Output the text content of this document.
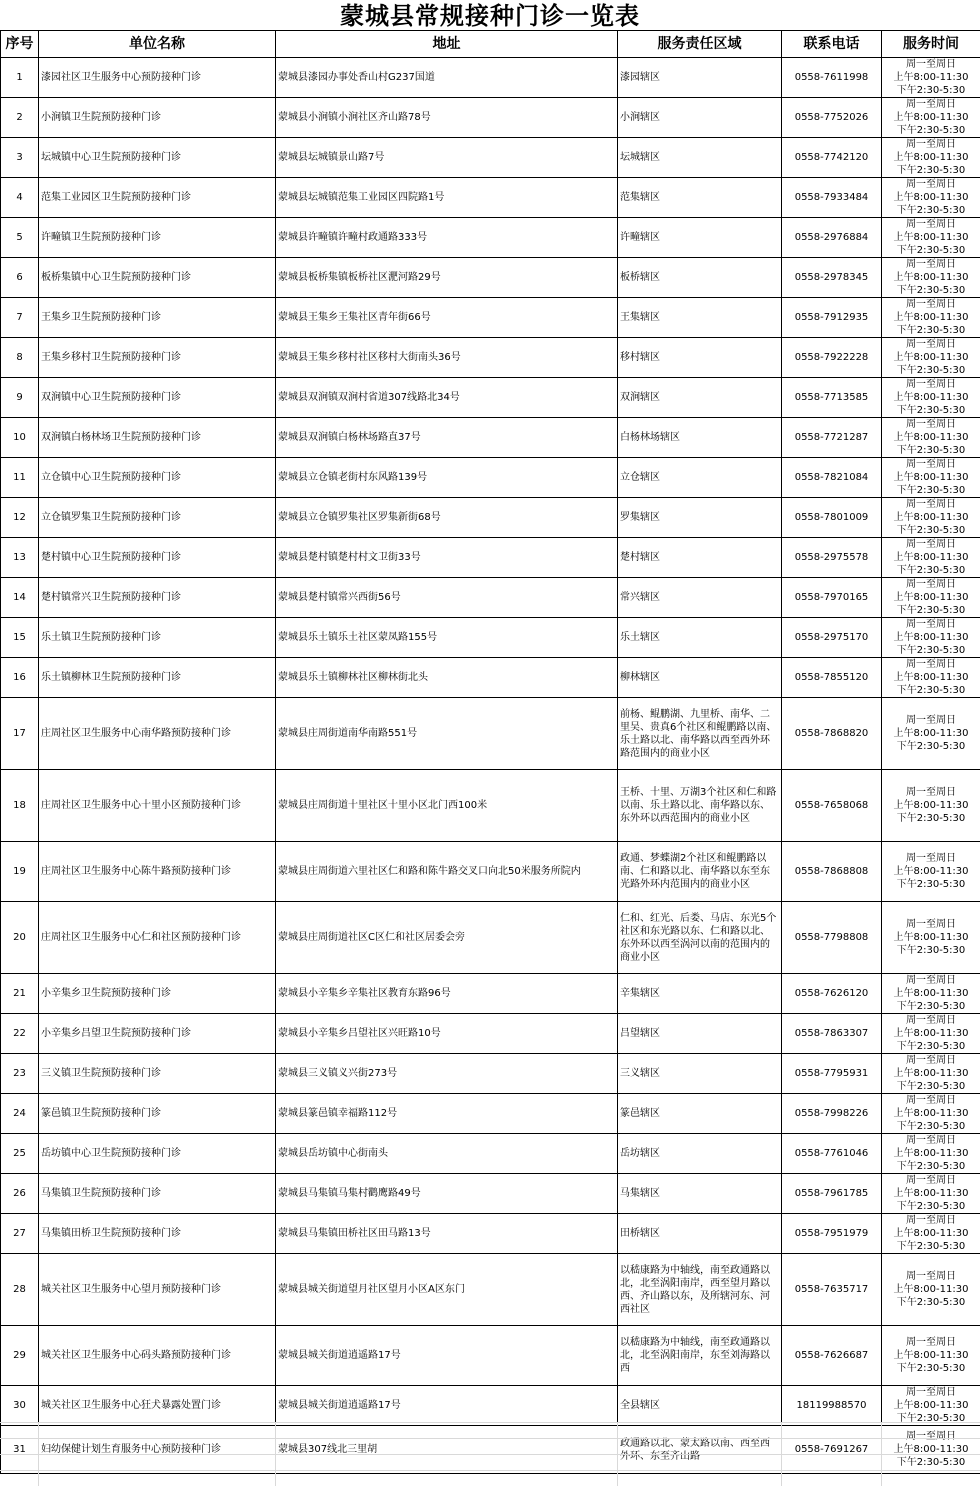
蒙城县常规接种门诊一览表
序号	单位名称	地址	服务责任区域	联系电话	服务时间
1	漆园社区卫生服务中心预防接种门诊	蒙城县漆园办事处香山村G237国道	漆园辖区	0558-7611998	周一至周日
上午8:00-11:30
下午2:30-5:30

2	小涧镇卫生院预防接种门诊	蒙城县小涧镇小涧社区齐山路78号	小涧辖区	0558-7752026	周一至周日
上午8:00-11:30
下午2:30-5:30

3	坛城镇中心卫生院预防接种门诊	蒙城县坛城镇景山路7号	坛城辖区	0558-7742120	周一至周日
上午8:00-11:30
下午2:30-5:30

4	范集工业园区卫生院预防接种门诊	蒙城县坛城镇范集工业园区四院路1号	范集辖区	0558-7933484	周一至周日
上午8:00-11:30
下午2:30-5:30

5	许疃镇卫生院预防接种门诊	蒙城县许疃镇许疃村政通路333号	许疃辖区	0558-2976884	周一至周日
上午8:00-11:30
下午2:30-5:30

6	板桥集镇中心卫生院预防接种门诊	蒙城县板桥集镇板桥社区淝河路29号	板桥辖区	0558-2978345	周一至周日
上午8:00-11:30
下午2:30-5:30

7	王集乡卫生院预防接种门诊	蒙城县王集乡王集社区青年街66号	王集辖区	0558-7912935	周一至周日
上午8:00-11:30
下午2:30-5:30

8	王集乡移村卫生院预防接种门诊	蒙城县王集乡移村社区移村大街南头36号	移村辖区	0558-7922228	周一至周日
上午8:00-11:30
下午2:30-5:30

9	双涧镇中心卫生院预防接种门诊	蒙城县双涧镇双涧村省道307线路北34号	双涧辖区	0558-7713585	周一至周日
上午8:00-11:30
下午2:30-5:30

10	双涧镇白杨林场卫生院预防接种门诊	蒙城县双涧镇白杨林场路直37号	白杨林场辖区	0558-7721287	周一至周日
上午8:00-11:30
下午2:30-5:30

11	立仓镇中心卫生院预防接种门诊	蒙城县立仓镇老街村东风路139号	立仓辖区	0558-7821084	周一至周日
上午8:00-11:30
下午2:30-5:30

12	立仓镇罗集卫生院预防接种门诊	蒙城县立仓镇罗集社区罗集新街68号	罗集辖区	0558-7801009	周一至周日
上午8:00-11:30
下午2:30-5:30

13	楚村镇中心卫生院预防接种门诊	蒙城县楚村镇楚村村文卫街33号	楚村辖区	0558-2975578	周一至周日
上午8:00-11:30
下午2:30-5:30

14	楚村镇常兴卫生院预防接种门诊	蒙城县楚村镇常兴西街56号	常兴辖区	0558-7970165	周一至周日
上午8:00-11:30
下午2:30-5:30

15	乐土镇卫生院预防接种门诊	蒙城县乐土镇乐土社区蒙凤路155号	乐土辖区	0558-2975170	周一至周日
上午8:00-11:30
下午2:30-5:30

16	乐土镇柳林卫生院预防接种门诊	蒙城县乐土镇柳林社区柳林街北头	柳林辖区	0558-7855120	周一至周日
上午8:00-11:30
下午2:30-5:30

17	庄周社区卫生服务中心南华路预防接种门诊	蒙城县庄周街道南华南路551号	前杨、鲲鹏湖、九里桥、南华、二里吴、贵真6个社区和鲲鹏路以南、乐土路以北、南华路以西至西外环路范围内的商业小区	0558-7868820	周一至周日
上午8:00-11:30
下午2:30-5:30

18	庄周社区卫生服务中心十里小区预防接种门诊	蒙城县庄周街道十里社区十里小区北门西100米	王桥、十里、万湖3个社区和仁和路以南、乐土路以北、南华路以东、东外环以西范围内的商业小区	0558-7658068	周一至周日
上午8:00-11:30
下午2:30-5:30

19	庄周社区卫生服务中心陈牛路预防接种门诊	蒙城县庄周街道六里社区仁和路和陈牛路交叉口向北50米服务所院内	政通、梦蝶湖2个社区和鲲鹏路以南、仁和路以北、南华路以东至东光路外环内范围内的商业小区	0558-7868808	周一至周日
上午8:00-11:30
下午2:30-5:30

20	庄周社区卫生服务中心仁和社区预防接种门诊	蒙城县庄周街道社区C区仁和社区居委会旁	仁和、红光、后娄、马店、东光5个社区和东光路以东、仁和路以北、东外环以西至涡河以南的范围内的商业小区	0558-7798808	周一至周日
上午8:00-11:30
下午2:30-5:30

21	小辛集乡卫生院预防接种门诊	蒙城县小辛集乡辛集社区教育东路96号	辛集辖区	0558-7626120	周一至周日
上午8:00-11:30
下午2:30-5:30

22	小辛集乡吕望卫生院预防接种门诊	蒙城县小辛集乡吕望社区兴旺路10号	吕望辖区	0558-7863307	周一至周日
上午8:00-11:30
下午2:30-5:30

23	三义镇卫生院预防接种门诊	蒙城县三义镇义兴街273号	三义辖区	0558-7795931	周一至周日
上午8:00-11:30
下午2:30-5:30

24	篆邑镇卫生院预防接种门诊	蒙城县篆邑镇幸福路112号	篆邑辖区	0558-7998226	周一至周日
上午8:00-11:30
下午2:30-5:30

25	岳坊镇中心卫生院预防接种门诊	蒙城县岳坊镇中心街南头	岳坊辖区	0558-7761046	周一至周日
上午8:00-11:30
下午2:30-5:30

26	马集镇卫生院预防接种门诊	蒙城县马集镇马集村鹳鹰路49号	马集辖区	0558-7961785	周一至周日
上午8:00-11:30
下午2:30-5:30

27	马集镇田桥卫生院预防接种门诊	蒙城县马集镇田桥社区田马路13号	田桥辖区	0558-7951979	周一至周日
上午8:00-11:30
下午2:30-5:30

28	城关社区卫生服务中心望月预防接种门诊	蒙城县城关街道望月社区望月小区A区东门	以嵇康路为中轴线，南至政通路以北，北至涡阳南岸，西至望月路以西、齐山路以东，及所辖河东、河西社区	0558-7635717	周一至周日
上午8:00-11:30
下午2:30-5:30

29	城关社区卫生服务中心码头路预防接种门诊	蒙城县城关街道逍遥路17号	以嵇康路为中轴线，南至政通路以北，北至涡阳南岸，东至刘海路以西	0558-7626687	周一至周日
上午8:00-11:30
下午2:30-5:30

30	城关社区卫生服务中心狂犬暴露处置门诊	蒙城县城关街道逍遥路17号	全县辖区	18119988570	周一至周日
上午8:00-11:30
下午2:30-5:30

31	妇幼保健计划生育服务中心预防接种门诊	蒙城县307线北三里胡	政通路以北、蒙太路以南、西至西外环、东至齐山路	0558-7691267	周一至周日
上午8:00-11:30
下午2:30-5:30
